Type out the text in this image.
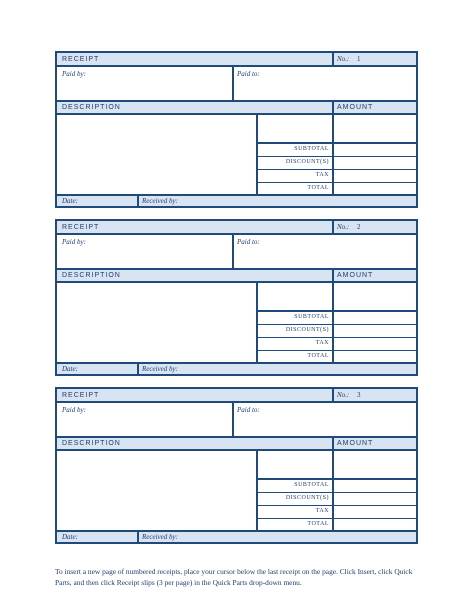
RECEIPT	No.: 1
Paid by:	Paid to:
DESCRIPTION	AMOUNT
SUBTOTAL
DISCOUNT(S)
TAX
TOTAL
Date:	Received by:
RECEIPT	No.: 2
Paid by:	Paid to:
DESCRIPTION	AMOUNT
SUBTOTAL
DISCOUNT(S)
TAX
TOTAL
Date:	Received by:
RECEIPT	No.: 3
Paid by:	Paid to:
DESCRIPTION	AMOUNT
SUBTOTAL
DISCOUNT(S)
TAX
TOTAL
Date:	Received by:
To insert a new page of numbered receipts, place your cursor below the last receipt on the page. Click Insert, click Quick Parts, and then click Receipt slips (3 per page) in the Quick Parts drop-down menu.
